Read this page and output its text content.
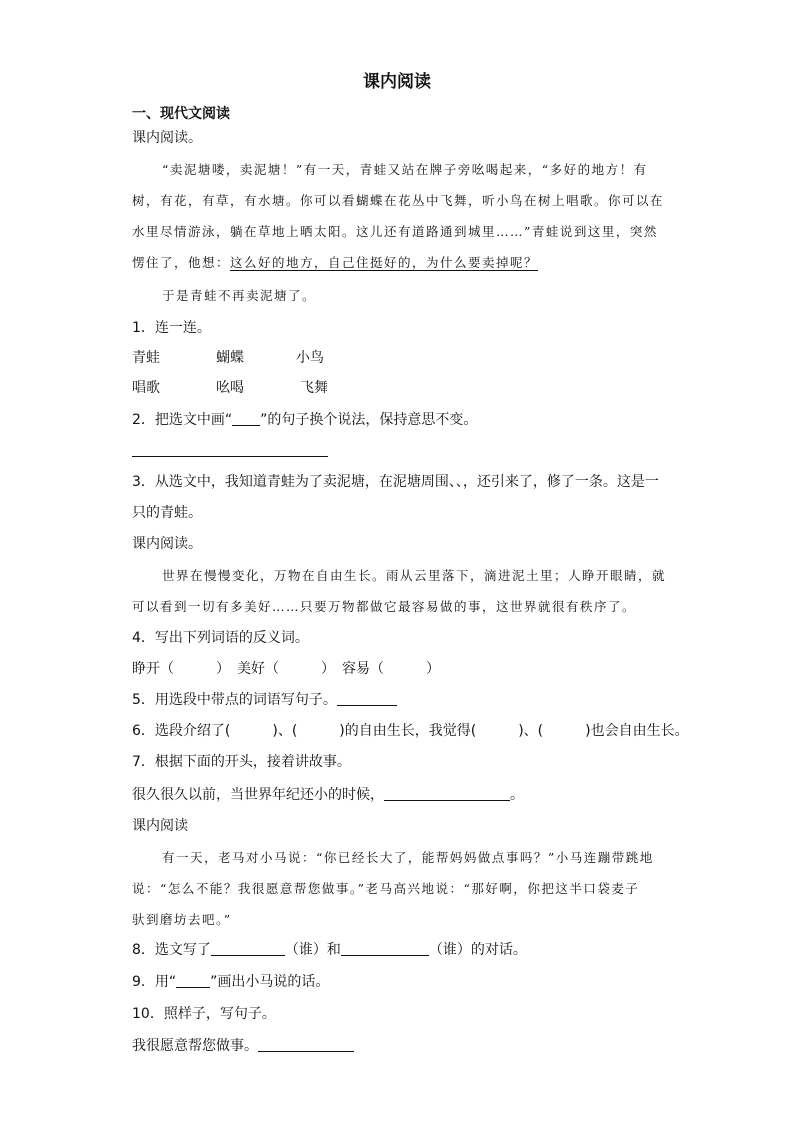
课内阅读
一、现代文阅读
课内阅读。
“卖泥塘喽，卖泥塘！”有一天，青蛙又站在牌子旁吆喝起来，“多好的地方！有
树，有花，有草，有水塘。你可以看蝴蝶在花丛中飞舞，听小鸟在树上唱歌。你可以在
水里尽情游泳，躺在草地上晒太阳。这儿还有道路通到城里……”青蛙说到这里，突然
愣住了，他想：这么好的地方，自己住挺好的，为什么要卖掉呢？
于是青蛙不再卖泥塘了。
1．连一连。
青蛙	蝴蝶	小鸟
唱歌	吆喝	飞舞
2．把选文中画“ ”的句子换个说法，保持意思不变。
3．从选文中，我知道青蛙为了卖泥塘，在泥塘周围、、，还引来了，修了一条。这是一
只的青蛙。
课内阅读。
世界在慢慢变化，万物在自由生长。雨从云里落下，滴进泥土里；人睁开眼睛，就
可以看到一切有多美好……只要万物都做它最容易做的事，这世界就很有秩序了。
4．写出下列词语的反义词。
睁开（　　　） 美好（　　　） 容易（　　　）
5．用选段中带点的词语写句子。
6．选段介绍了(　　　)、(　　　)的自由生长，我觉得(　　　)、(　　　)也会自由生长。
7．根据下面的开头，接着讲故事。
很久很久以前，当世界年纪还小的时候，	。
课内阅读
有一天，老马对小马说：“你已经长大了，能帮妈妈做点事吗？”小马连蹦带跳地
说：“怎么不能？我很愿意帮您做事。”老马高兴地说：“那好啊，你把这半口袋麦子
驮到磨坊去吧。”
8．选文写了	（谁）和	（谁）的对话。
9．用“ ”画出小马说的话。
10．照样子，写句子。
我很愿意帮您做事。
